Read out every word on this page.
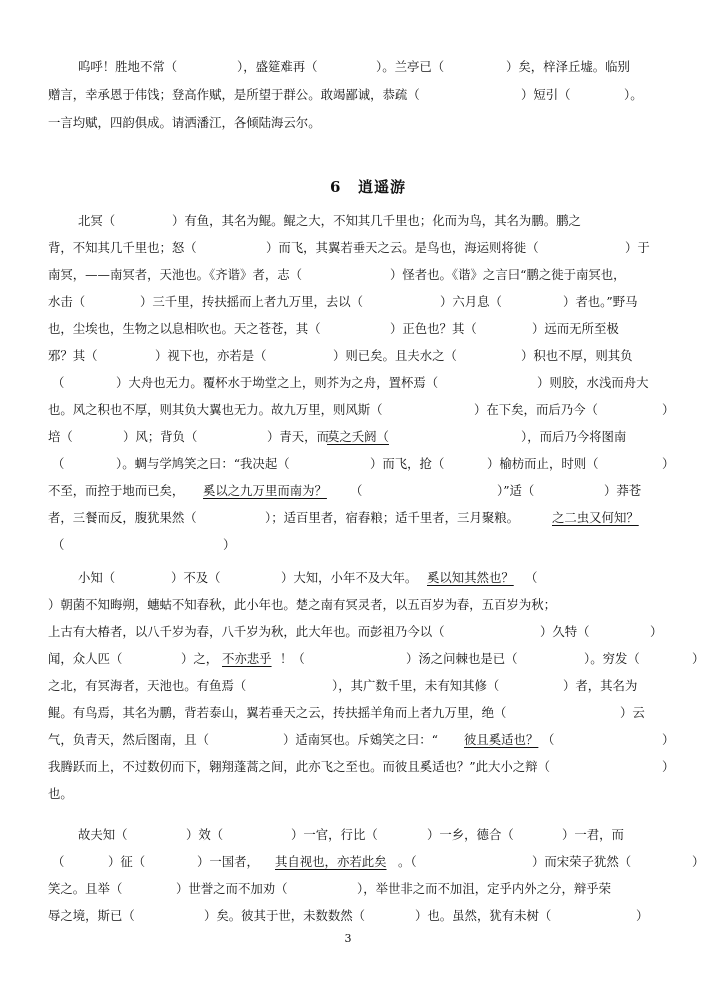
呜呼！胜地不常（	），盛筵难再（	）。兰亭已（	）矣，梓泽丘墟。临别
赠言，幸承恩于伟饯；登高作赋，是所望于群公。敢竭鄙诚，恭疏（	）短引（	）。
一言均赋，四韵俱成。请洒潘江，各倾陆海云尔。
北冥（	）有鱼，其名为鲲。鲲之大，不知其几千里也；化而为鸟，其名为鹏。鹏之
背，不知其几千里也；怒（	）而飞，其翼若垂天之云。是鸟也，海运则将徙（	）于
南冥，——南冥者，天池也。《齐谐》者，志（	）怪者也。《谐》之言曰“鹏之徙于南冥也，
水击（	）三千里，抟扶摇而上者九万里，去以（	）六月息（	）者也。”野马
也，尘埃也，生物之以息相吹也。天之苍苍，其（	）正色也？其（	）远而无所至极
邪？其（	）视下也，亦若是（	）则已矣。且夫水之（	）积也不厚，则其负
（	）大舟也无力。覆杯水于坳堂之上，则芥为之舟，置杯焉（	）则胶，水浅而舟大
也。风之积也不厚，则其负大翼也无力。故九万里，则风斯（	）在下矣，而后乃今（	）
培（	）风；背负（	）青天，而
莫之夭阏（	），而后乃今将图南
（	）。蜩与学鸠笑之曰：“我决起（	）而飞，抢（	）榆枋而止，时则（	）
不至，而控于地而已矣， 奚以之九万里而南为？ （	）”适（	）莽苍
者，三餐而反，腹犹果然（	）；适百里者，宿舂粮；适千里者，三月聚粮。	之二虫又何知？
（	）
小知（	）不及（	）大知，小年不及大年。 奚以知其然也？ （
）朝菌不知晦朔，蟪蛄不知春秋，此小年也。楚之南有冥灵者，以五百岁为春，五百岁为秋；
上古有大椿者，以八千岁为春，八千岁为秋，此大年也。而彭祖乃今以（	）久特（	）
闻，众人匹（	）之， 不亦悲乎 ！（	）汤之问棘也是已（	）。穷发（	）
之北，有冥海者，天池也。有鱼焉（	），其广数千里，未有知其修（	）者，其名为
鲲。有鸟焉，其名为鹏，背若泰山，翼若垂天之云，抟扶摇羊角而上者九万里，绝（	）云
气，负青天，然后图南，且（	）适南冥也。斥鴳笑之曰：“ 彼且奚适也？ （	）
我腾跃而上，不过数仞而下，翱翔蓬蒿之间，此亦飞之至也。而彼且奚适也？”此大小之辩（	）
也。
故夫知（	）效（	）一官，行比（	）一乡，德合（	）一君，而
（	）征（	）一国者， 其自视也，亦若此矣 。（	）而宋荣子犹然（	）
笑之。且举（	）世誉之而不加劝（	），举世非之而不加沮，定乎内外之分，辩乎荣
辱之境，斯已（	）矣。彼其于世，未数数然（	）也。虽然，犹有未树（	）
6 逍遥游
3
